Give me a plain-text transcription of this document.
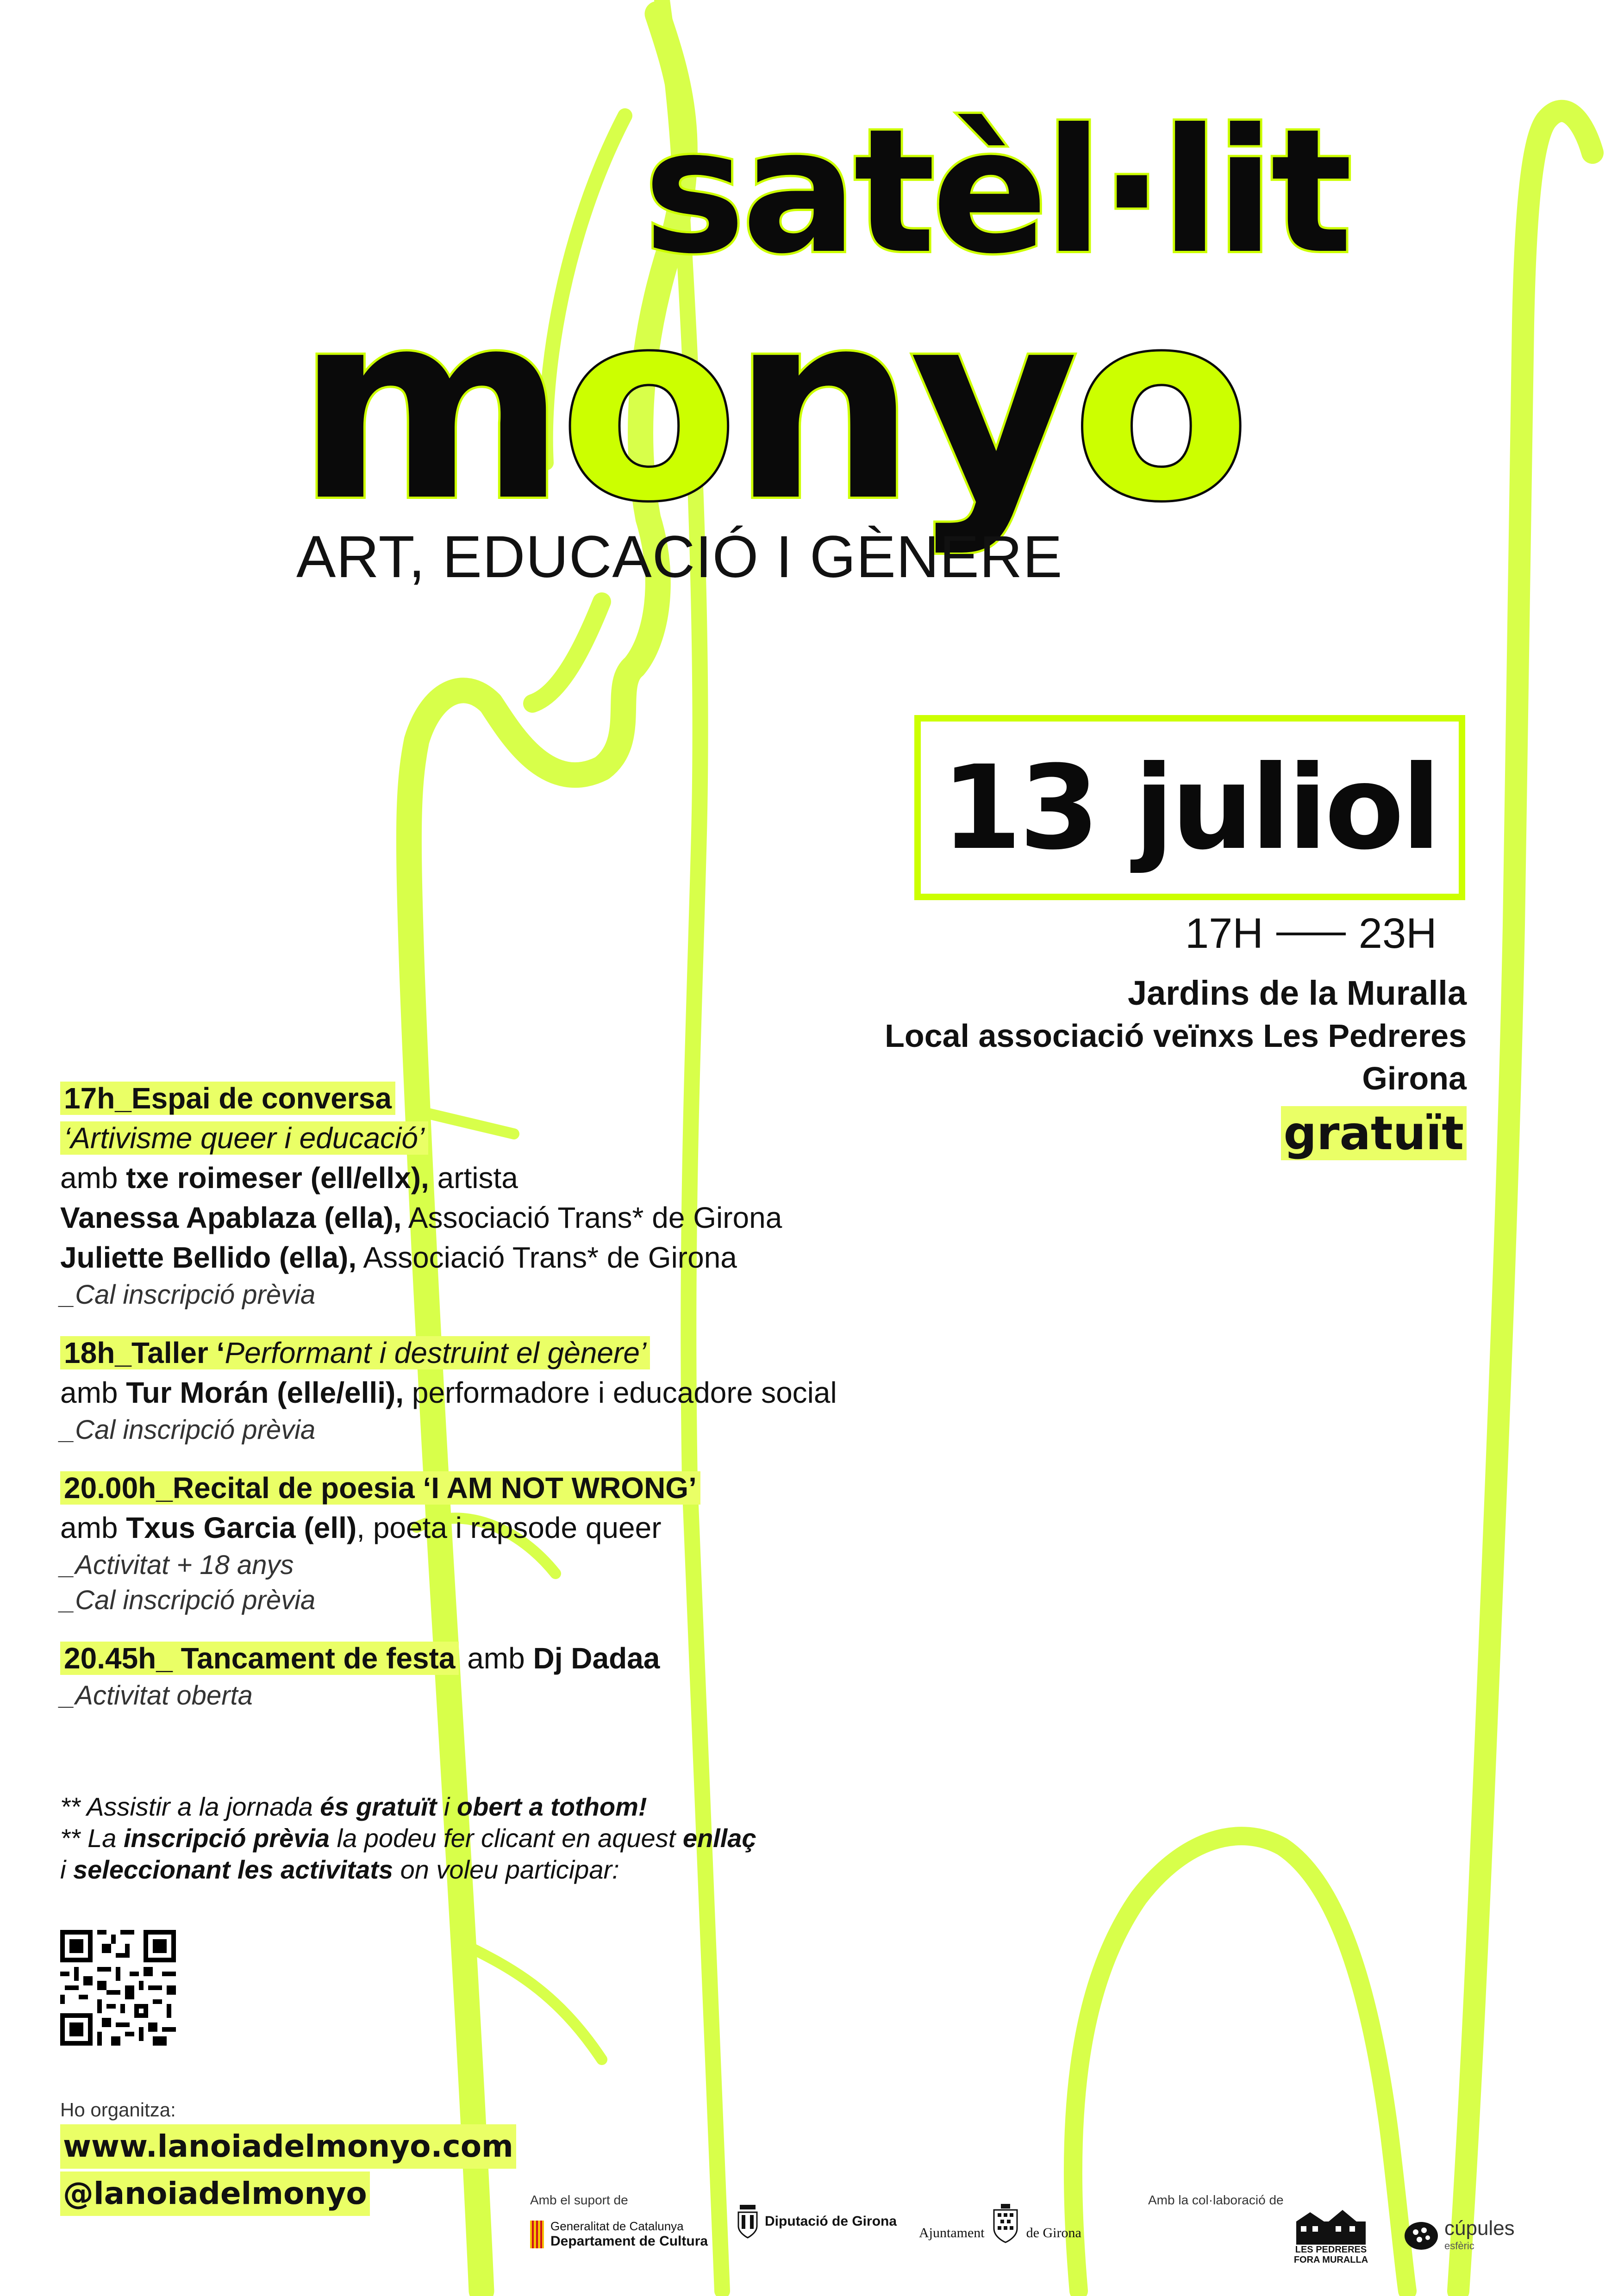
satèl·lit
monyo
ART, EDUCACIÓ I GÈNERE
13 juliol
17H 23H
Jardins de la Muralla
Local associació veïnxs Les Pedreres
Girona
gratuït
17h_Espai de conversa
‘Artivisme queer i educació’
amb txe roimeser (ell/ellx), artista
Vanessa Apablaza (ella), Associació Trans* de Girona
Juliette Bellido (ella), Associació Trans* de Girona
_Cal inscripció prèvia
18h_Taller ‘Performant i destruint el gènere’
amb Tur Morán (elle/elli), performadore i educadore social
_Cal inscripció prèvia
20.00h_Recital de poesia ‘I AM NOT WRONG’
amb Txus Garcia (ell), poeta i rapsode queer
_Activitat + 18 anys
_Cal inscripció prèvia
20.45h_ Tancament de festa amb Dj Dadaa
_Activitat oberta
** Assistir a la jornada és gratuït i obert a tothom!
** La inscripció prèvia la podeu fer clicant en aquest enllaç
i seleccionant les activitats on voleu participar:
Ho organitza:
www.lanoiadelmonyo.com
@lanoiadelmonyo	Amb el suport de	Amb la col·laboració de
Generalitat de Catalunya
Departament de Cultura
Diputació de Girona
Ajuntament	de Girona
LES PEDRERES
FORA MURALLA
cúpules
esfèric
